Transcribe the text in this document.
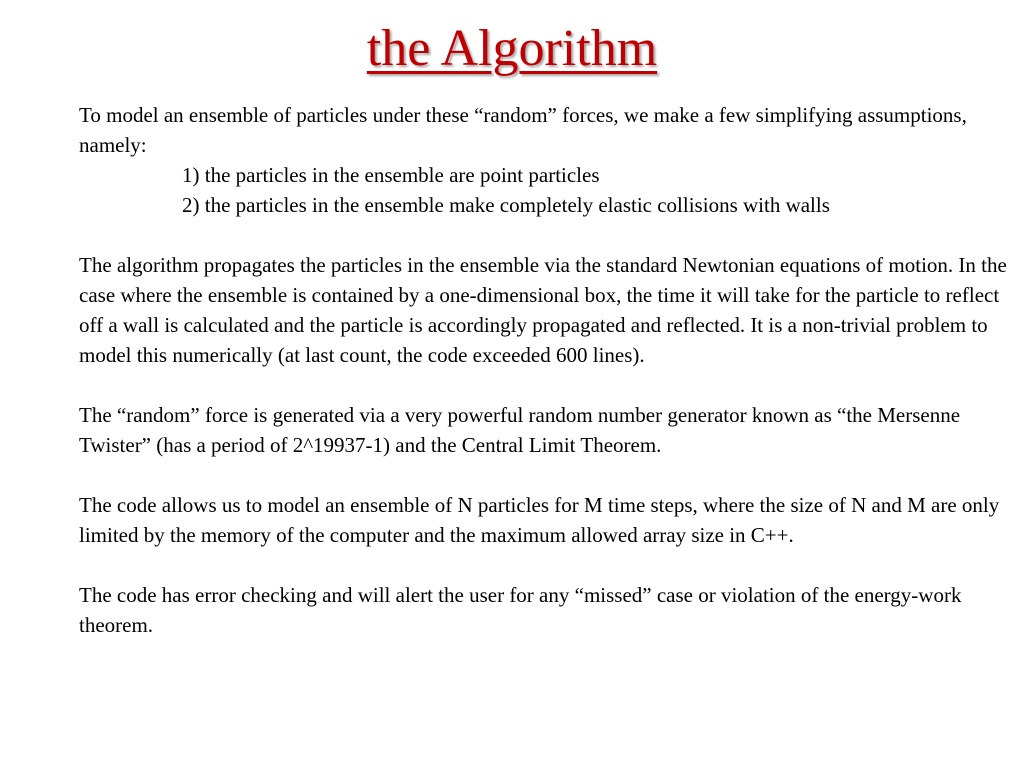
the Algorithm

To model an ensemble of particles under these “random” forces, we make a few simplifying assumptions, namely:

1) the particles in the ensemble are point particles

2) the particles in the ensemble make completely elastic collisions with walls

The algorithm propagates the particles in the ensemble via the standard Newtonian equations of motion. In the case where the ensemble is contained by a one-dimensional box, the time it will take for the particle to reflect off a wall is calculated and the particle is accordingly propagated and reflected. It is a non-trivial problem to model this numerically (at last count, the code exceeded 600 lines).

The “random” force is generated via a very powerful random number generator known as “the Mersenne Twister” (has a period of 2^19937-1) and the Central Limit Theorem.

The code allows us to model an ensemble of N particles for M time steps, where the size of N and M are only limited by the memory of the computer and the maximum allowed array size in C++.

The code has error checking and will alert the user for any “missed” case or violation of the energy-work theorem.
